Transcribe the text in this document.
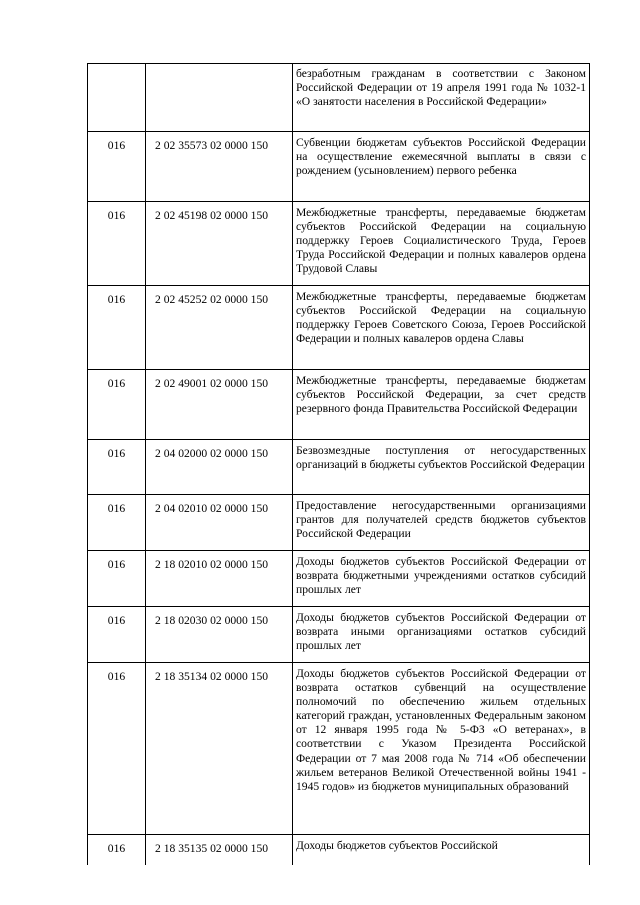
		безработным гражданам в соответствии с Законом Российской Федерации от 19 апреля 1991 года № 1032-1 «О занятости населения в Российской Федерации»
016	2 02 35573 02 0000 150	Субвенции бюджетам субъектов Российской Федерации на осуществление ежемесячной выплаты в связи с рождением (усыновлением) первого ребенка
016	2 02 45198 02 0000 150	Межбюджетные трансферты, передаваемые бюджетам субъектов Российской Федерации на социальную поддержку Героев Социалистического Труда, Героев Труда Российской Федерации и полных кавалеров ордена Трудовой Славы
016	2 02 45252 02 0000 150	Межбюджетные трансферты, передаваемые бюджетам субъектов Российской Федерации на социальную поддержку Героев Советского Союза, Героев Российской Федерации и полных кавалеров ордена Славы
016	2 02 49001 02 0000 150	Межбюджетные трансферты, передаваемые бюджетам субъектов Российской Федерации, за счет средств резервного фонда Правительства Российской Федерации
016	2 04 02000 02 0000 150	Безвозмездные поступления от негосударственных организаций в бюджеты субъектов Российской Федерации
016	2 04 02010 02 0000 150	Предоставление негосударственными организациями грантов для получателей средств бюджетов субъектов Российской Федерации
016	2 18 02010 02 0000 150	Доходы бюджетов субъектов Российской Федерации от возврата бюджетными учреждениями остатков субсидий прошлых лет
016	2 18 02030 02 0000 150	Доходы бюджетов субъектов Российской Федерации от возврата иными организациями остатков субсидий прошлых лет
016	2 18 35134 02 0000 150	Доходы бюджетов субъектов Российской Федерации от возврата остатков субвенций на осуществление полномочий по обеспечению жильем отдельных категорий граждан, установленных Федеральным законом от 12 января 1995 года № 5-ФЗ «О ветеранах», в соответствии с Указом Президента Российской Федерации от 7 мая 2008 года № 714 «Об обеспечении жильем ветеранов Великой Отечественной войны 1941 - 1945 годов» из бюджетов муниципальных образований
016	2 18 35135 02 0000 150	Доходы бюджетов субъектов Российской
